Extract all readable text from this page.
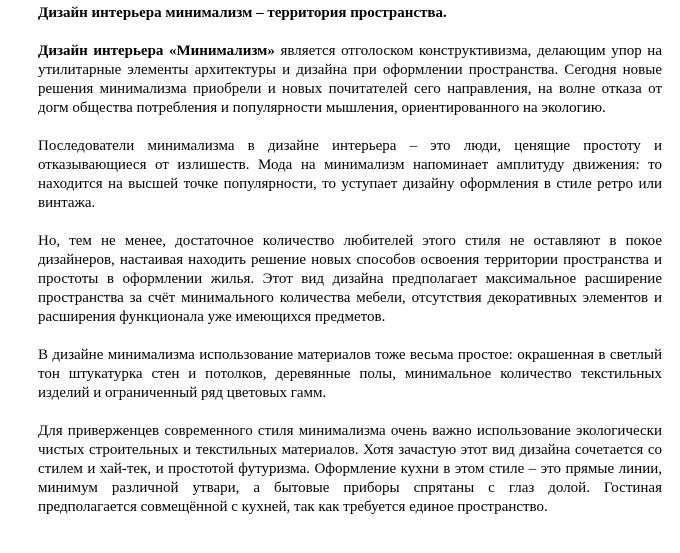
Дизайн интерьера минимализм – территория пространства.
Дизайн интерьера «Минимализм» является отголоском конструктивизма, делающим упор на утилитарные элементы архитектуры и дизайна при оформлении пространства. Сегодня новые решения минимализма приобрели и новых почитателей сего направления, на волне отказа от догм общества потребления и популярности мышления, ориентированного на экологию.
Последователи минимализма в дизайне интерьера – это люди, ценящие простоту и отказывающиеся от излишеств. Мода на минимализм напоминает амплитуду движения: то находится на высшей точке популярности, то уступает дизайну оформления в стиле ретро или винтажа.
Но, тем не менее, достаточное количество любителей этого стиля не оставляют в покое дизайнеров, настаивая находить решение новых способов освоения территории пространства и простоты в оформлении жилья. Этот вид дизайна предполагает максимальное расширение пространства за счёт минимального количества мебели, отсутствия декоративных элементов и расширения функционала уже имеющихся предметов.
В дизайне минимализма использование материалов тоже весьма простое: окрашенная в светлый тон штукатурка стен и потолков, деревянные полы, минимальное количество текстильных изделий и ограниченный ряд цветовых гамм.
Для приверженцев современного стиля минимализма очень важно использование экологически чистых строительных и текстильных материалов. Хотя зачастую этот вид дизайна сочетается со стилем и хай-тек, и простотой футуризма. Оформление кухни в этом стиле – это прямые линии, минимум различной утвари, а бытовые приборы спрятаны с глаз долой. Гостиная предполагается совмещённой с кухней, так как требуется единое пространство.
